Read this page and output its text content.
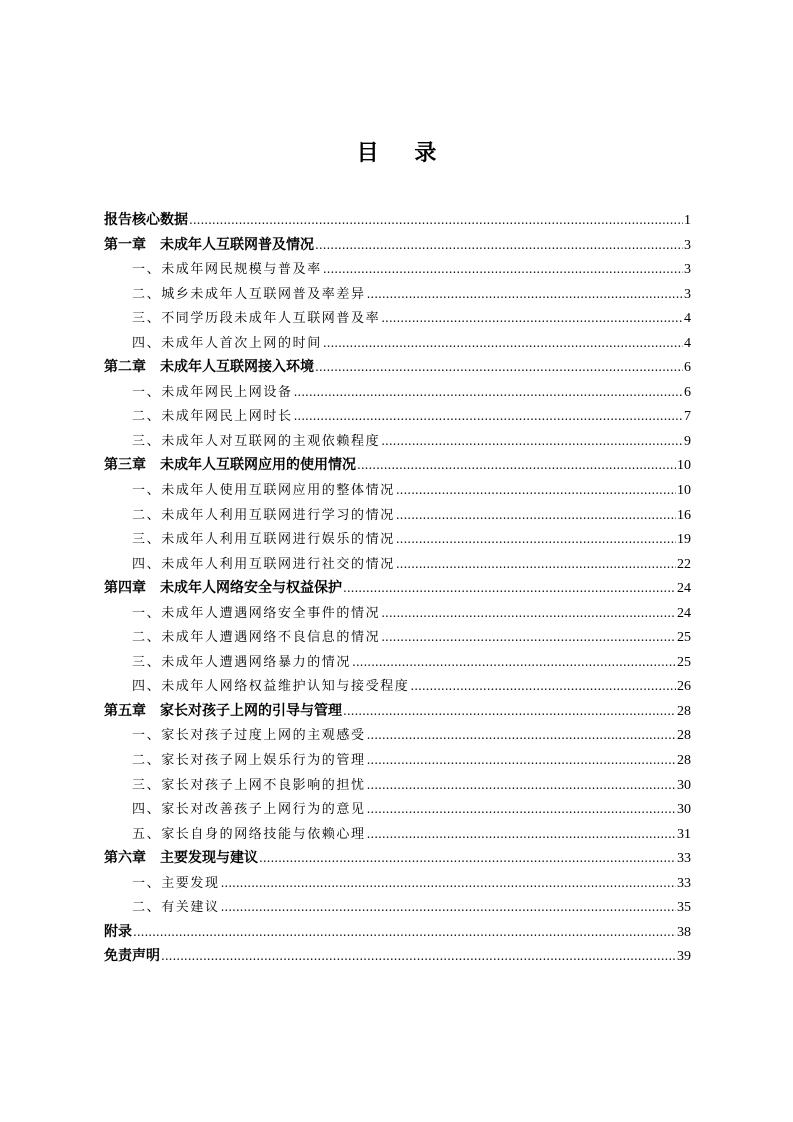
目 录
报告核心数据 .....	1
第一章 未成年人互联网普及情况 .....	3
一、未成年网民规模与普及率 .....	3
二、城乡未成年人互联网普及率差异 .....	3
三、不同学历段未成年人互联网普及率 .....	4
四、未成年人首次上网的时间 .....	4
第二章 未成年人互联网接入环境 .....	6
一、未成年网民上网设备 .....	6
二、未成年网民上网时长 .....	7
三、未成年人对互联网的主观依赖程度 .....	9
第三章 未成年人互联网应用的使用情况 .....	10
一、未成年人使用互联网应用的整体情况 .....	10
二、未成年人利用互联网进行学习的情况 .....	16
三、未成年人利用互联网进行娱乐的情况 .....	19
四、未成年人利用互联网进行社交的情况 .....	22
第四章 未成年人网络安全与权益保护 .....	24
一、未成年人遭遇网络安全事件的情况 .....	24
二、未成年人遭遇网络不良信息的情况 .....	25
三、未成年人遭遇网络暴力的情况 .....	25
四、未成年人网络权益维护认知与接受程度 .....	26
第五章 家长对孩子上网的引导与管理 .....	28
一、家长对孩子过度上网的主观感受 .....	28
二、家长对孩子网上娱乐行为的管理 .....	28
三、家长对孩子上网不良影响的担忧 .....	30
四、家长对改善孩子上网行为的意见 .....	30
五、家长自身的网络技能与依赖心理 .....	31
第六章 主要发现与建议 .....	33
一、主要发现 .....	33
二、有关建议 .....	35
附录 .....	38
免责声明 .....	39
